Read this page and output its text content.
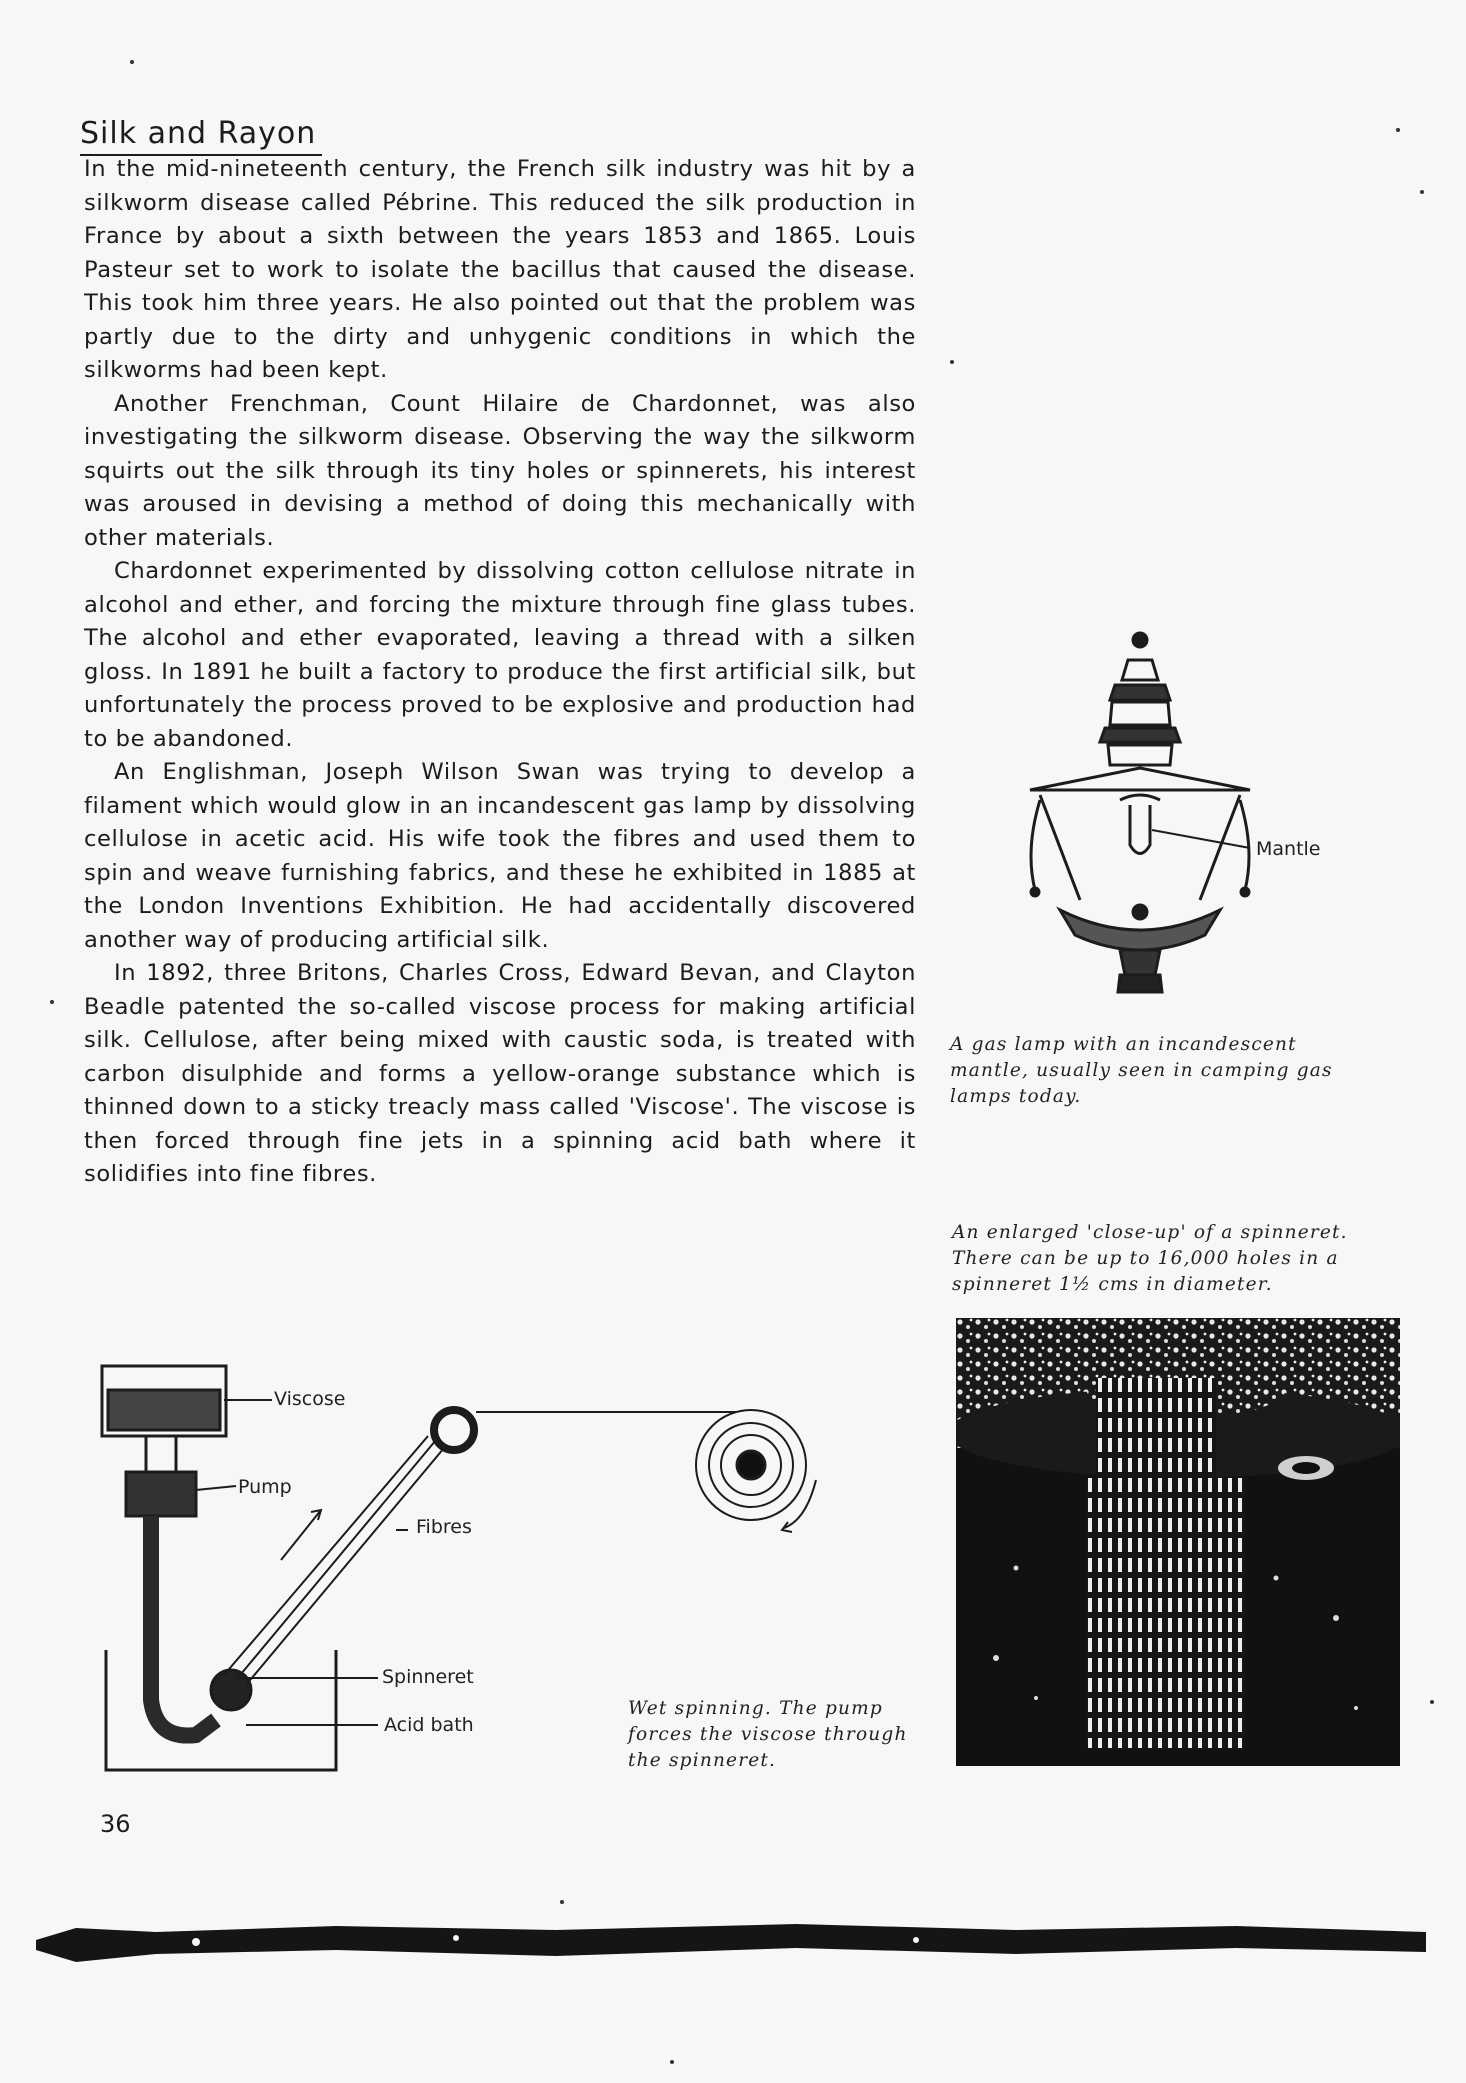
Silk and Rayon

In the mid-nineteenth century, the French silk industry was hit by a silkworm disease called Pébrine. This reduced the silk production in France by about a sixth between the years 1853 and 1865. Louis Pasteur set to work to isolate the bacillus that caused the disease. This took him three years. He also pointed out that the problem was partly due to the dirty and unhygenic conditions in which the silkworms had been kept.

Another Frenchman, Count Hilaire de Chardonnet, was also investigating the silkworm disease. Observing the way the silkworm squirts out the silk through its tiny holes or spinnerets, his interest was aroused in devising a method of doing this mechanically with other materials.

Chardonnet experimented by dissolving cotton cellulose nitrate in alcohol and ether, and forcing the mixture through fine glass tubes. The alcohol and ether evaporated, leaving a thread with a silken gloss. In 1891 he built a factory to produce the first artificial silk, but unfortunately the process proved to be explosive and production had to be abandoned.

An Englishman, Joseph Wilson Swan was trying to develop a filament which would glow in an incandescent gas lamp by dissolving cellulose in acetic acid. His wife took the fibres and used them to spin and weave furnishing fabrics, and these he exhibited in 1885 at the London Inventions Exhibition. He had accidentally discovered another way of producing artificial silk.

In 1892, three Britons, Charles Cross, Edward Bevan, and Clayton Beadle patented the so-called viscose process for making artificial silk. Cellulose, after being mixed with caustic soda, is treated with carbon disulphide and forms a yellow-orange substance which is thinned down to a sticky treacly mass called 'Viscose'. The viscose is then forced through fine jets in a spinning acid bath where it solidifies into fine fibres.

Mantle

A gas lamp with an incandescent mantle, usually seen in camping gas lamps today.

An enlarged 'close-up' of a spinneret. There can be up to 16,000 holes in a spinneret 1½ cms in diameter.

Viscose

Pump

Fibres

Spinneret

Acid bath

Wet spinning. The pump forces the viscose through the spinneret.

36
